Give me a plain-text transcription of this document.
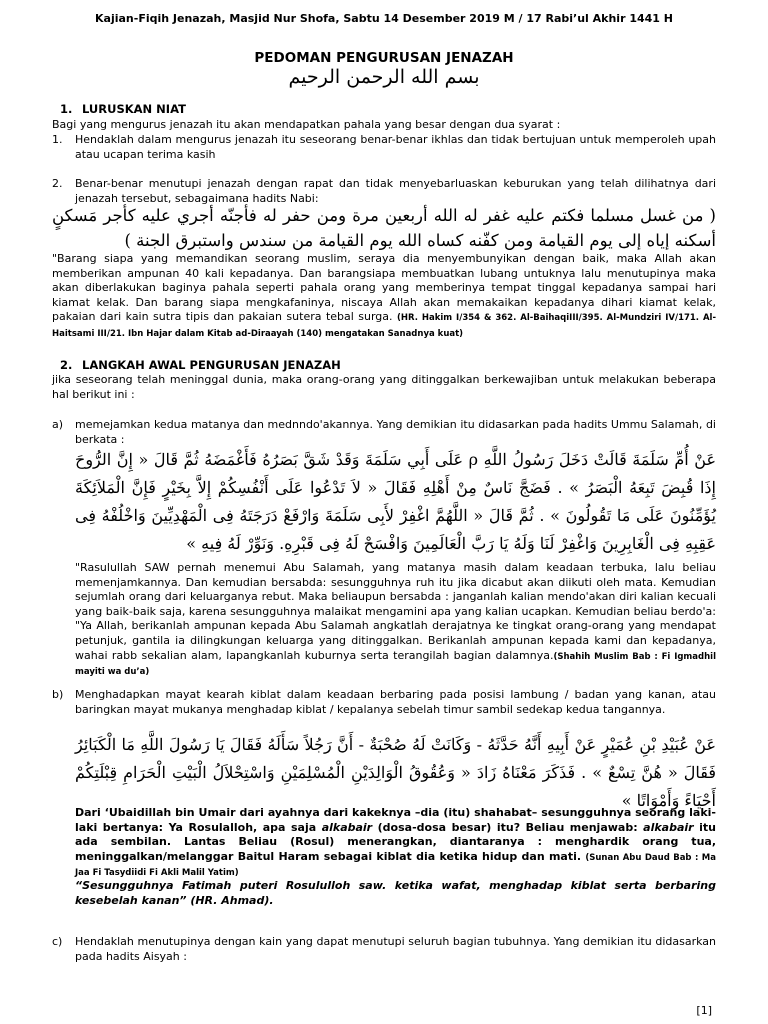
Kajian-Fiqih Jenazah, Masjid Nur Shofa, Sabtu 14 Desember 2019 M / 17 Rabi’ul Akhir 1441 H
PEDOMAN PENGURUSAN JENAZAH
بسم الله الرحمن الرحيم
1. LURUSKAN NIAT
Bagi yang mengurus jenazah itu akan mendapatkan pahala yang besar dengan dua syarat :
1. Hendaklah dalam mengurus jenazah itu seseorang benar-benar ikhlas dan tidak bertujuan untuk memperoleh upah atau ucapan terima kasih
2. Benar-benar menutupi jenazah dengan rapat dan tidak menyebarluaskan keburukan yang telah dilihatnya dari jenazah tersebut, sebagaimana hadits Nabi:
( من غسل مسلما فكتم عليه غفر له الله أربعين مرة ومن حفر له فأجنّه أجري عليه كأجر مَسكنٍ أسكنه إياه إلى يوم القيامة ومن كفّنه كساه الله يوم القيامة من سندس واستبرق الجنة )
"Barang siapa yang memandikan seorang muslim, seraya dia menyembunyikan dengan baik, maka Allah akan memberikan ampunan 40 kali kepadanya. Dan barangsiapa membuatkan lubang untuknya lalu menutupinya maka akan diberlakukan baginya pahala seperti pahala orang yang memberinya tempat tinggal kepadanya sampai hari kiamat kelak. Dan barang siapa mengkafaninya, niscaya Allah akan memakaikan kepadanya dihari kiamat kelak, pakaian dari kain sutra tipis dan pakaian sutera tebal surga. (HR. Hakim I/354 & 362. Al-BaihaqiIII/395. Al-Mundziri IV/171. Al-Haitsami III/21. Ibn Hajar dalam Kitab ad-Diraayah (140) mengatakan Sanadnya kuat)
2. LANGKAH AWAL PENGURUSAN JENAZAH
jika seseorang telah meninggal dunia, maka orang-orang yang ditinggalkan berkewajiban untuk melakukan beberapa hal berikut ini :
a) memejamkan kedua matanya dan mednndo'akannya. Yang demikian itu didasarkan pada hadits Ummu Salamah, di berkata :
عَنْ أُمِّ سَلَمَةَ قَالَتْ دَخَلَ رَسُولُ اللَّهِ ρ عَلَى أَبِي سَلَمَةَ وَقَدْ شَقَّ بَصَرُهُ فَأَغْمَضَهُ ثُمَّ قَالَ « إِنَّ الرُّوحَ إِذَا قُبِضَ تَبِعَهُ الْبَصَرُ » . فَضَجَّ نَاسٌ مِنْ أَهْلِهِ فَقَالَ « لاَ تَدْعُوا عَلَى أَنْفُسِكُمْ إِلاَّ بِخَيْرٍ فَإِنَّ الْمَلاَئِكَةَ يُؤَمِّنُونَ عَلَى مَا تَقُولُونَ » . ثُمَّ قَالَ « اللَّهُمَّ اغْفِرْ لأَبِى سَلَمَةَ وَارْفَعْ دَرَجَتَهُ فِى الْمَهْدِيِّينَ وَاخْلُفْهُ فِى عَقِبِهِ فِى الْغَابِرِينَ وَاغْفِرْ لَنَا وَلَهُ يَا رَبَّ الْعَالَمِينَ وَافْسَحْ لَهُ فِى قَبْرِهِ. وَنَوِّرْ لَهُ فِيهِ »
"Rasulullah SAW pernah menemui Abu Salamah, yang matanya masih dalam keadaan terbuka, lalu beliau memenjamkannya. Dan kemudian bersabda: sesungguhnya ruh itu jika dicabut akan diikuti oleh mata. Kemudian sejumlah orang dari keluarganya rebut. Maka beliaupun bersabda : janganlah kalian mendo'akan diri kalian kecuali yang baik-baik saja, karena sesungguhnya malaikat mengamini apa yang kalian ucapkan. Kemudian beliau berdo'a: "Ya Allah, berikanlah ampunan kepada Abu Salamah angkatlah derajatnya ke tingkat orang-orang yang mendapat petunjuk, gantila ia dilingkungan keluarga yang ditinggalkan. Berikanlah ampunan kepada kami dan kepadanya, wahai rabb sekalian alam, lapangkanlah kuburnya serta terangilah bagian dalamnya.(Shahih Muslim Bab : Fi Igmadhil mayiti wa du’a)
b) Menghadapkan mayat kearah kiblat dalam keadaan berbaring pada posisi lambung / badan yang kanan, atau baringkan mayat mukanya menghadap kiblat / kepalanya sebelah timur sambil sedekap kedua tangannya.
عَنْ عُبَيْدِ بْنِ عُمَيْرٍ عَنْ أَبِيهِ أَنَّهُ حَدَّثَهُ - وَكَانَتْ لَهُ صُحْبَةٌ - أَنَّ رَجُلاً سَأَلَهُ فَقَالَ يَا رَسُولَ اللَّهِ مَا الْكَبَائِرُ فَقَالَ « هُنَّ تِسْعٌ » . فَذَكَرَ مَعْنَاهُ زَادَ « وَعُقُوقُ الْوَالِدَيْنِ الْمُسْلِمَيْنِ وَاسْتِحْلاَلُ الْبَيْتِ الْحَرَامِ قِبْلَتِكُمْ أَحْيَاءً وَأَمْوَاتًا »
Dari ‘Ubaidillah bin Umair dari ayahnya dari kakeknya –dia (itu) shahabat– sesungguhnya seorang laki-laki bertanya: Ya Rosulalloh, apa saja alkabair (dosa-dosa besar) itu? Beliau menjawab: alkabair itu ada sembilan. Lantas Beliau (Rosul) menerangkan, diantaranya : menghardik orang tua, meninggalkan/melanggar Baitul Haram sebagai kiblat dia ketika hidup dan mati. (Sunan Abu Daud Bab : Ma Jaa Fi Tasydiidi Fi Akli Malil Yatim)
“Sesungguhnya Fatimah puteri Rosululloh saw. ketika wafat, menghadap kiblat serta berbaring kesebelah kanan” (HR. Ahmad).
c) Hendaklah menutupinya dengan kain yang dapat menutupi seluruh bagian tubuhnya. Yang demikian itu didasarkan pada hadits Aisyah :
[1]
